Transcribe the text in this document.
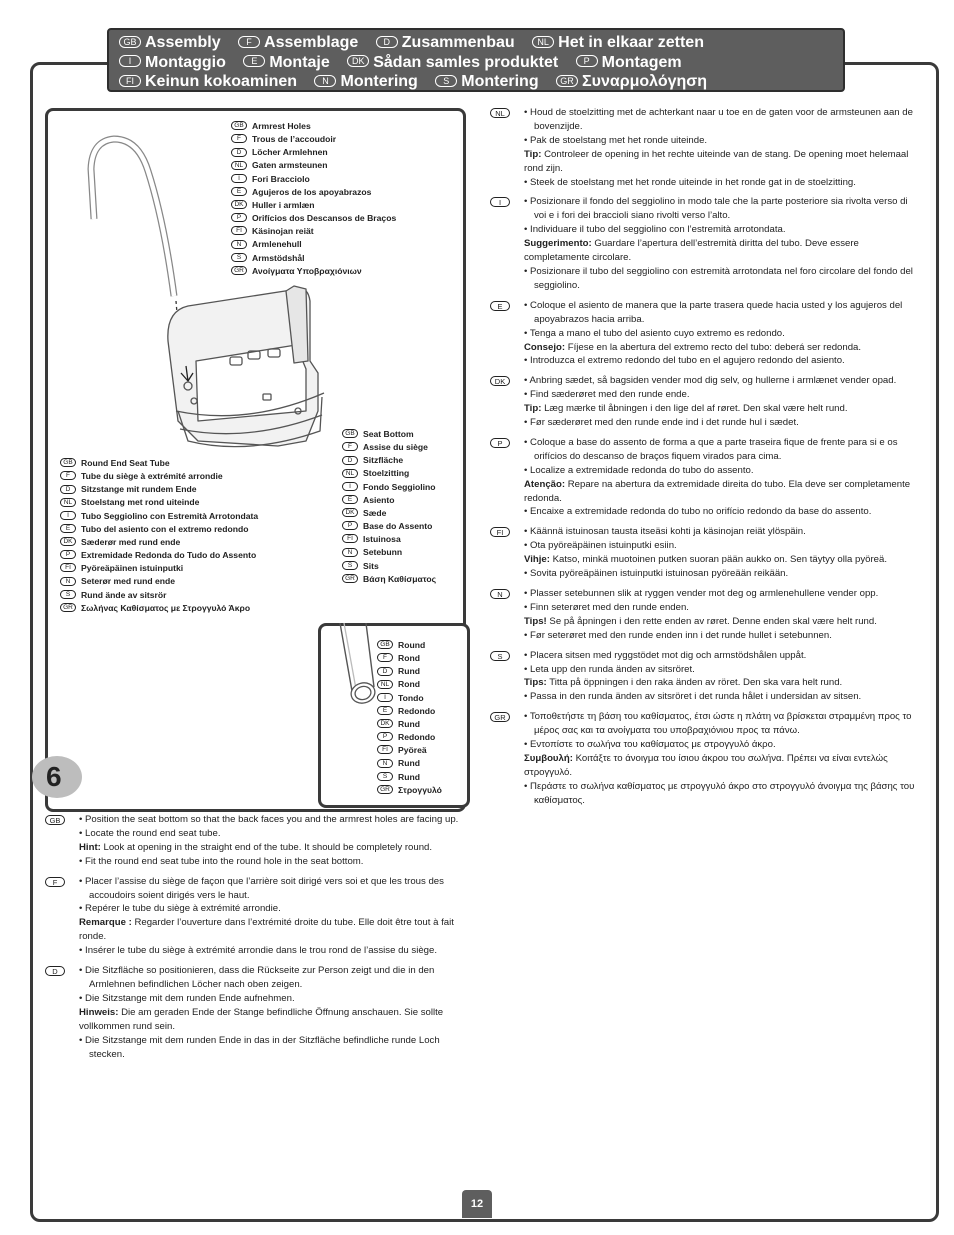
GB Assembly	F Assemblage	D Zusammenbau	NL Het in elkaar zetten
I Montaggio	E Montaje DK Sådan samles produktet	P Montagem
FI Keinun kokoaminen	N Montering	S Montering GR Συναρμολόγηση
GB Armrest Holes
F Trous de l’accoudoir
D Löcher Armlehnen
NL Gaten armsteunen
I Fori Bracciolo
E Agujeros de los apoyabrazos
DK Huller i armlæn
P Orifícios dos Descansos de Braços
FI Käsinojan reiät
N Armlenehull
S Armstödshål
GR Ανοίγματα Υποβραχιόνιων
GB Seat Bottom
F Assise du siège
D Sitzfläche
NL Stoelzitting
I Fondo Seggiolino
E Asiento
DK Sæde
P Base do Assento
FI Istuinosa
N Setebunn
S Sits
GR Βάση Καθίσματος
GB Round End Seat Tube
F Tube du siège à extrémité arrondie
D Sitzstange mit rundem Ende
NL Stoelstang met rond uiteinde
I Tubo Seggiolino con Estremità Arrotondata
E Tubo del asiento con el extremo redondo
DK Sæderør med rund ende
P Extremidade Redonda do Tudo do Assento
FI Pyöreäpäinen istuinputki
N Seterør med rund ende
S Rund ände av sitsrör
GR Σωλήνας Καθίσματος με Στρογγυλό Άκρο
GB Round
F Rond
D Rund
NL Rond
I Tondo
E Redondo
DK Rund
P Redondo
FI Pyöreä
N Rund
S Rund
GR Στρογγυλό
6
GB	• Position the seat bottom so that the back faces you and the armrest holes are facing up.
• Locate the round end seat tube.
Hint: Look at opening in the straight end of the tube. It should be completely round.
• Fit the round end seat tube into the round hole in the seat bottom.
F	• Placer l’assise du siège de façon que l’arrière soit dirigé vers soi et que les trous des accoudoirs soient dirigés vers le haut.
• Repérer le tube du siège à extrémité arrondie.
Remarque : Regarder l’ouverture dans l’extrémité droite du tube. Elle doit être tout à fait ronde.
• Insérer le tube du siège à extrémité arrondie dans le trou rond de l’assise du siège.
D	• Die Sitzfläche so positionieren, dass die Rückseite zur Person zeigt und die in den Armlehnen befindlichen Löcher nach oben zeigen.
• Die Sitzstange mit dem runden Ende aufnehmen.
Hinweis: Die am geraden Ende der Stange befindliche Öffnung anschauen. Sie sollte vollkommen rund sein.
• Die Sitzstange mit dem runden Ende in das in der Sitzfläche befindliche runde Loch stecken.
NL	• Houd de stoelzitting met de achterkant naar u toe en de gaten voor de armsteunen aan de bovenzijde.
• Pak de stoelstang met het ronde uiteinde.
Tip: Controleer de opening in het rechte uiteinde van de stang. De opening moet helemaal rond zijn.
• Steek de stoelstang met het ronde uiteinde in het ronde gat in de stoelzitting.
I	• Posizionare il fondo del seggiolino in modo tale che la parte posteriore sia rivolta verso di voi e i fori dei braccioli siano rivolti verso l’alto.
• Individuare il tubo del seggiolino con l’estremità arrotondata.
Suggerimento: Guardare l’apertura dell’estremità diritta del tubo. Deve essere completamente circolare.
• Posizionare il tubo del seggiolino con estremità arrotondata nel foro circolare del fondo del seggiolino.
E	• Coloque el asiento de manera que la parte trasera quede hacia usted y los agujeros del apoyabrazos hacia arriba.
• Tenga a mano el tubo del asiento cuyo extremo es redondo.
Consejo: Fíjese en la abertura del extremo recto del tubo: deberá ser redonda.
• Introduzca el extremo redondo del tubo en el agujero redondo del asiento.
DK	• Anbring sædet, så bagsiden vender mod dig selv, og hullerne i armlænet vender opad.
• Find sæderøret med den runde ende.
Tip: Læg mærke til åbningen i den lige del af røret. Den skal være helt rund.
• Før sæderøret med den runde ende ind i det runde hul i sædet.
P	• Coloque a base do assento de forma a que a parte traseira fique de frente para si e os orifícios do descanso de braços fiquem virados para cima.
• Localize a extremidade redonda do tubo do assento.
Atenção: Repare na abertura da extremidade direita do tubo. Ela deve ser completamente redonda.
• Encaixe a extremidade redonda do tubo no orifício redondo da base do assento.
FI	• Käännä istuinosan tausta itseäsi kohti ja käsinojan reiät ylöspäin.
• Ota pyöreäpäinen istuinputki esiin.
Vihje: Katso, minkä muotoinen putken suoran pään aukko on. Sen täytyy olla pyöreä.
• Sovita pyöreäpäinen istuinputki istuinosan pyöreään reikään.
N	• Plasser setebunnen slik at ryggen vender mot deg og armlenehullene vender opp.
• Finn seterøret med den runde enden.
Tips! Se på åpningen i den rette enden av røret. Denne enden skal være helt rund.
• Før seterøret med den runde enden inn i det runde hullet i setebunnen.
S	• Placera sitsen med ryggstödet mot dig och armstödshålen uppåt.
• Leta upp den runda änden av sitsröret.
Tips: Titta på öppningen i den raka änden av röret. Den ska vara helt rund.
• Passa in den runda änden av sitsröret i det runda hålet i undersidan av sitsen.
GR	• Τοποθετήστε τη βάση του καθίσματος, έτσι ώστε η πλάτη να βρίσκεται στραμμένη προς το μέρος σας και τα ανοίγματα του υποβραχιόνιου προς τα πάνω.
• Εντοπίστε το σωλήνα του καθίσματος με στρογγυλό άκρο.
Συμβουλή: Κοιτάξτε το άνοιγμα του ίσιου άκρου του σωλήνα. Πρέπει να είναι εντελώς στρογγυλό.
• Περάστε το σωλήνα καθίσματος με στρογγυλό άκρο στο στρογγυλό άνοιγμα της βάσης του καθίσματος.
12
